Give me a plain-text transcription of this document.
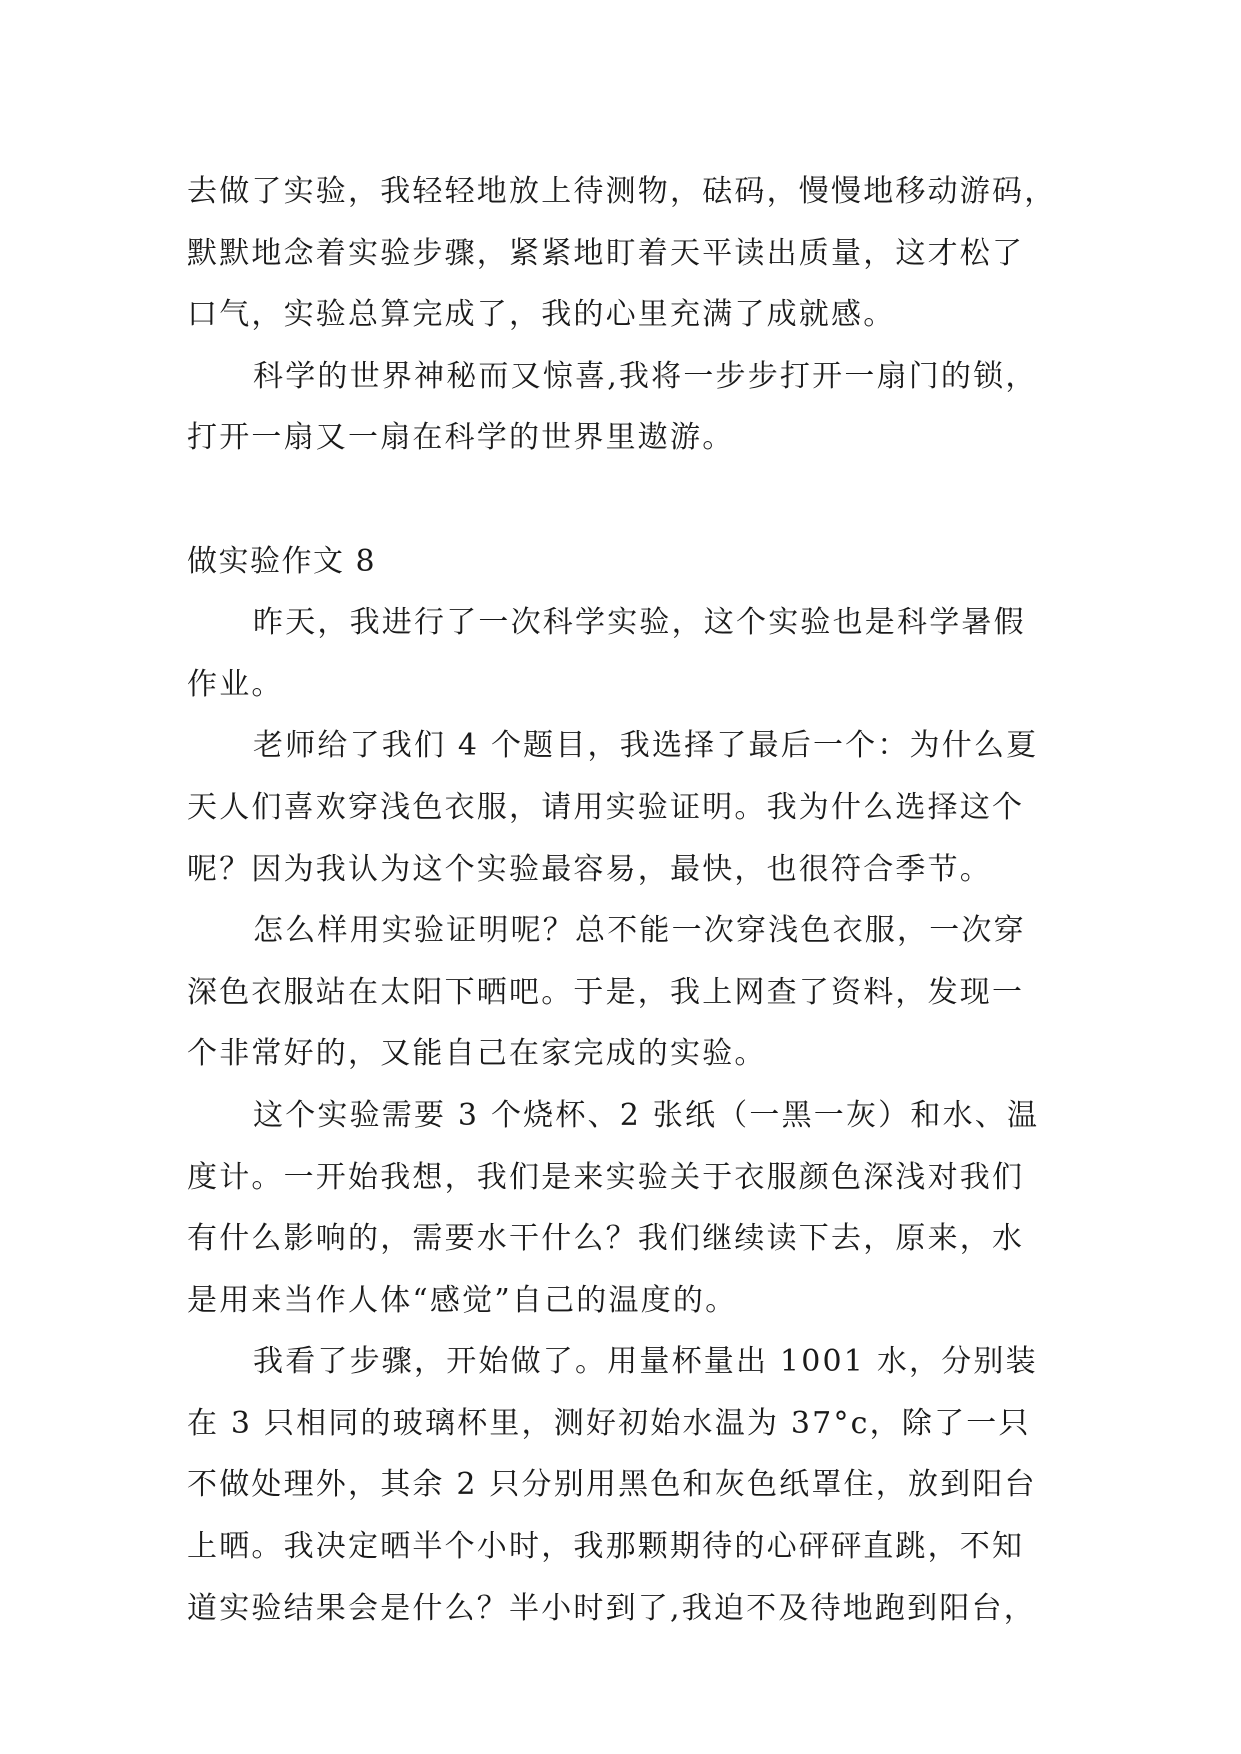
去做了实验，我轻轻地放上待测物，砝码，慢慢地移动游码，
默默地念着实验步骤，紧紧地盯着天平读出质量，这才松了
口气，实验总算完成了，我的心里充满了成就感。
科学的世界神秘而又惊喜,我将一步步打开一扇门的锁，
打开一扇又一扇在科学的世界里遨游。
做实验作文 8
昨天，我进行了一次科学实验，这个实验也是科学暑假
作业。
老师给了我们 4 个题目，我选择了最后一个：为什么夏
天人们喜欢穿浅色衣服，请用实验证明。我为什么选择这个
呢？因为我认为这个实验最容易，最快，也很符合季节。
怎么样用实验证明呢？总不能一次穿浅色衣服，一次穿
深色衣服站在太阳下晒吧。于是，我上网查了资料，发现一
个非常好的，又能自己在家完成的实验。
这个实验需要 3 个烧杯、2 张纸（一黑一灰）和水、温
度计。一开始我想，我们是来实验关于衣服颜色深浅对我们
有什么影响的，需要水干什么？我们继续读下去，原来，水
是用来当作人体“感觉”自己的温度的。
我看了步骤，开始做了。用量杯量出 1001 水，分别装
在 3 只相同的玻璃杯里，测好初始水温为 37°c，除了一只
不做处理外，其余 2 只分别用黑色和灰色纸罩住，放到阳台
上晒。我决定晒半个小时，我那颗期待的心砰砰直跳，不知
道实验结果会是什么？半小时到了,我迫不及待地跑到阳台，
